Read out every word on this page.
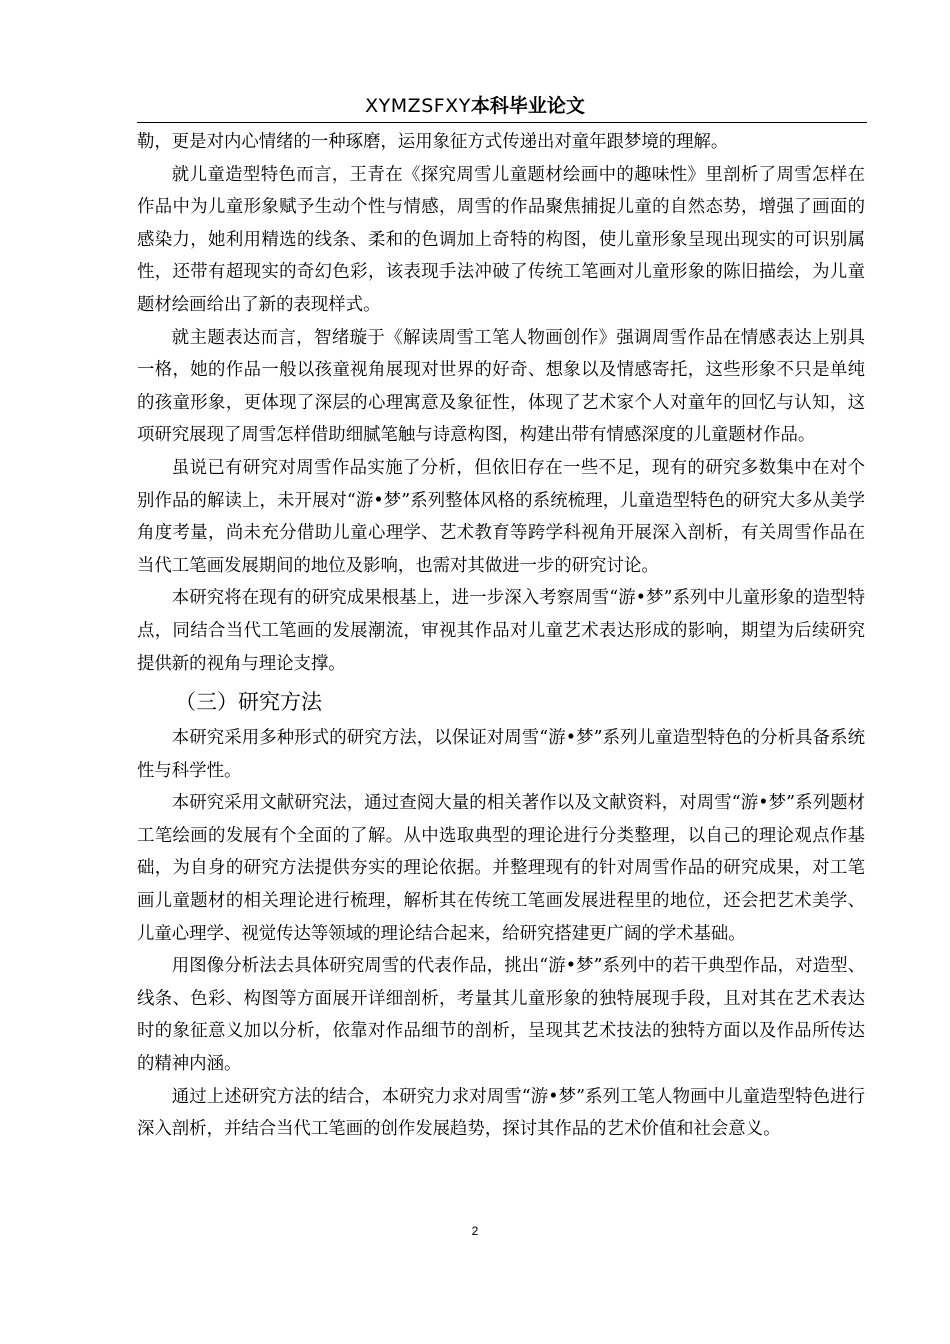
XYMZSFXY本科毕业论文

勒，更是对内心情绪的一种琢磨，运用象征方式传递出对童年跟梦境的理解。

就儿童造型特色而言，王青在《探究周雪儿童题材绘画中的趣味性》里剖析了周雪怎样在作品中为儿童形象赋予生动个性与情感，周雪的作品聚焦捕捉儿童的自然态势，增强了画面的感染力，她利用精选的线条、柔和的色调加上奇特的构图，使儿童形象呈现出现实的可识别属性，还带有超现实的奇幻色彩，该表现手法冲破了传统工笔画对儿童形象的陈旧描绘，为儿童题材绘画给出了新的表现样式。

就主题表达而言，智绪璇于《解读周雪工笔人物画创作》强调周雪作品在情感表达上别具一格，她的作品一般以孩童视角展现对世界的好奇、想象以及情感寄托，这些形象不只是单纯的孩童形象，更体现了深层的心理寓意及象征性，体现了艺术家个人对童年的回忆与认知，这项研究展现了周雪怎样借助细腻笔触与诗意构图，构建出带有情感深度的儿童题材作品。

虽说已有研究对周雪作品实施了分析，但依旧存在一些不足，现有的研究多数集中在对个别作品的解读上，未开展对“游•梦”系列整体风格的系统梳理，儿童造型特色的研究大多从美学角度考量，尚未充分借助儿童心理学、艺术教育等跨学科视角开展深入剖析，有关周雪作品在当代工笔画发展期间的地位及影响，也需对其做进一步的研究讨论。

本研究将在现有的研究成果根基上，进一步深入考察周雪“游•梦”系列中儿童形象的造型特点，同结合当代工笔画的发展潮流，审视其作品对儿童艺术表达形成的影响，期望为后续研究提供新的视角与理论支撑。

（三）研究方法

本研究采用多种形式的研究方法，以保证对周雪“游•梦”系列儿童造型特色的分析具备系统性与科学性。

本研究采用文献研究法，通过查阅大量的相关著作以及文献资料，对周雪“游•梦”系列题材工笔绘画的发展有个全面的了解。从中选取典型的理论进行分类整理，以自己的理论观点作基础，为自身的研究方法提供夯实的理论依据。并整理现有的针对周雪作品的研究成果，对工笔画儿童题材的相关理论进行梳理，解析其在传统工笔画发展进程里的地位，还会把艺术美学、儿童心理学、视觉传达等领域的理论结合起来，给研究搭建更广阔的学术基础。

用图像分析法去具体研究周雪的代表作品，挑出“游•梦”系列中的若干典型作品，对造型、线条、色彩、构图等方面展开详细剖析，考量其儿童形象的独特展现手段，且对其在艺术表达时的象征意义加以分析，依靠对作品细节的剖析，呈现其艺术技法的独特方面以及作品所传达的精神内涵。

通过上述研究方法的结合，本研究力求对周雪“游•梦”系列工笔人物画中儿童造型特色进行深入剖析，并结合当代工笔画的创作发展趋势，探讨其作品的艺术价值和社会意义。

2
